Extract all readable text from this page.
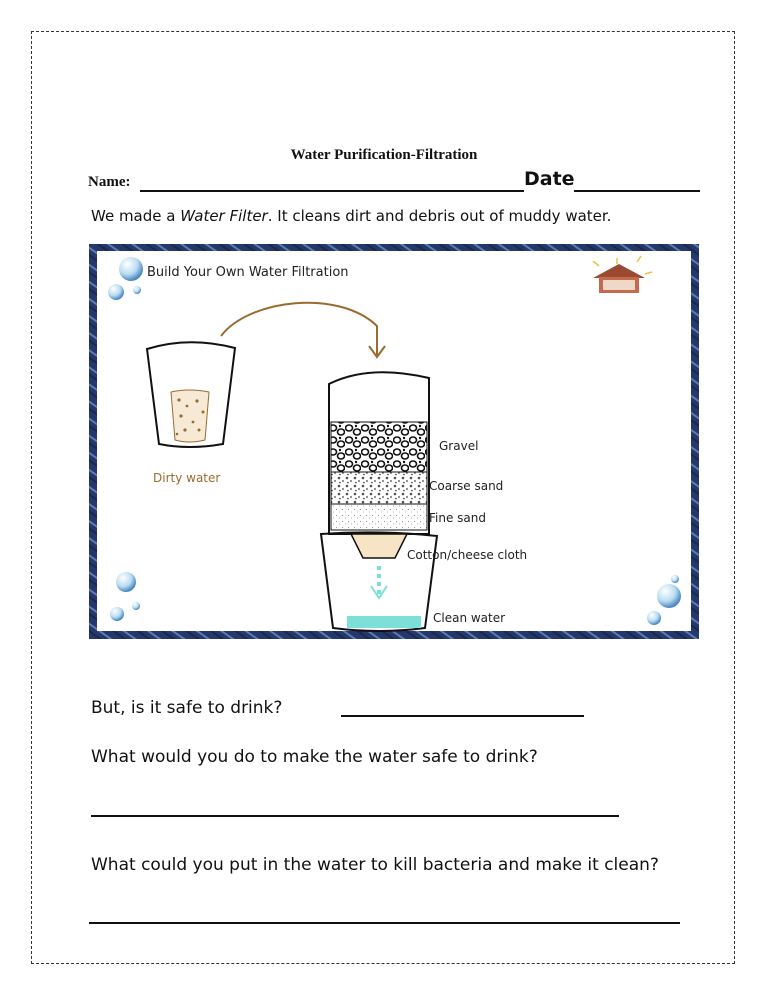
Water Purification-Filtration
Name:	Date
We made a Water Filter. It cleans dirt and debris out of muddy water.
Build Your Own Water Filtration
Dirty water
Gravel
Coarse sand
Fine sand
Cotton/cheese cloth
Clean water
But, is it safe to drink?
What would you do to make the water safe to drink?
What could you put in the water to kill bacteria and make it clean?
